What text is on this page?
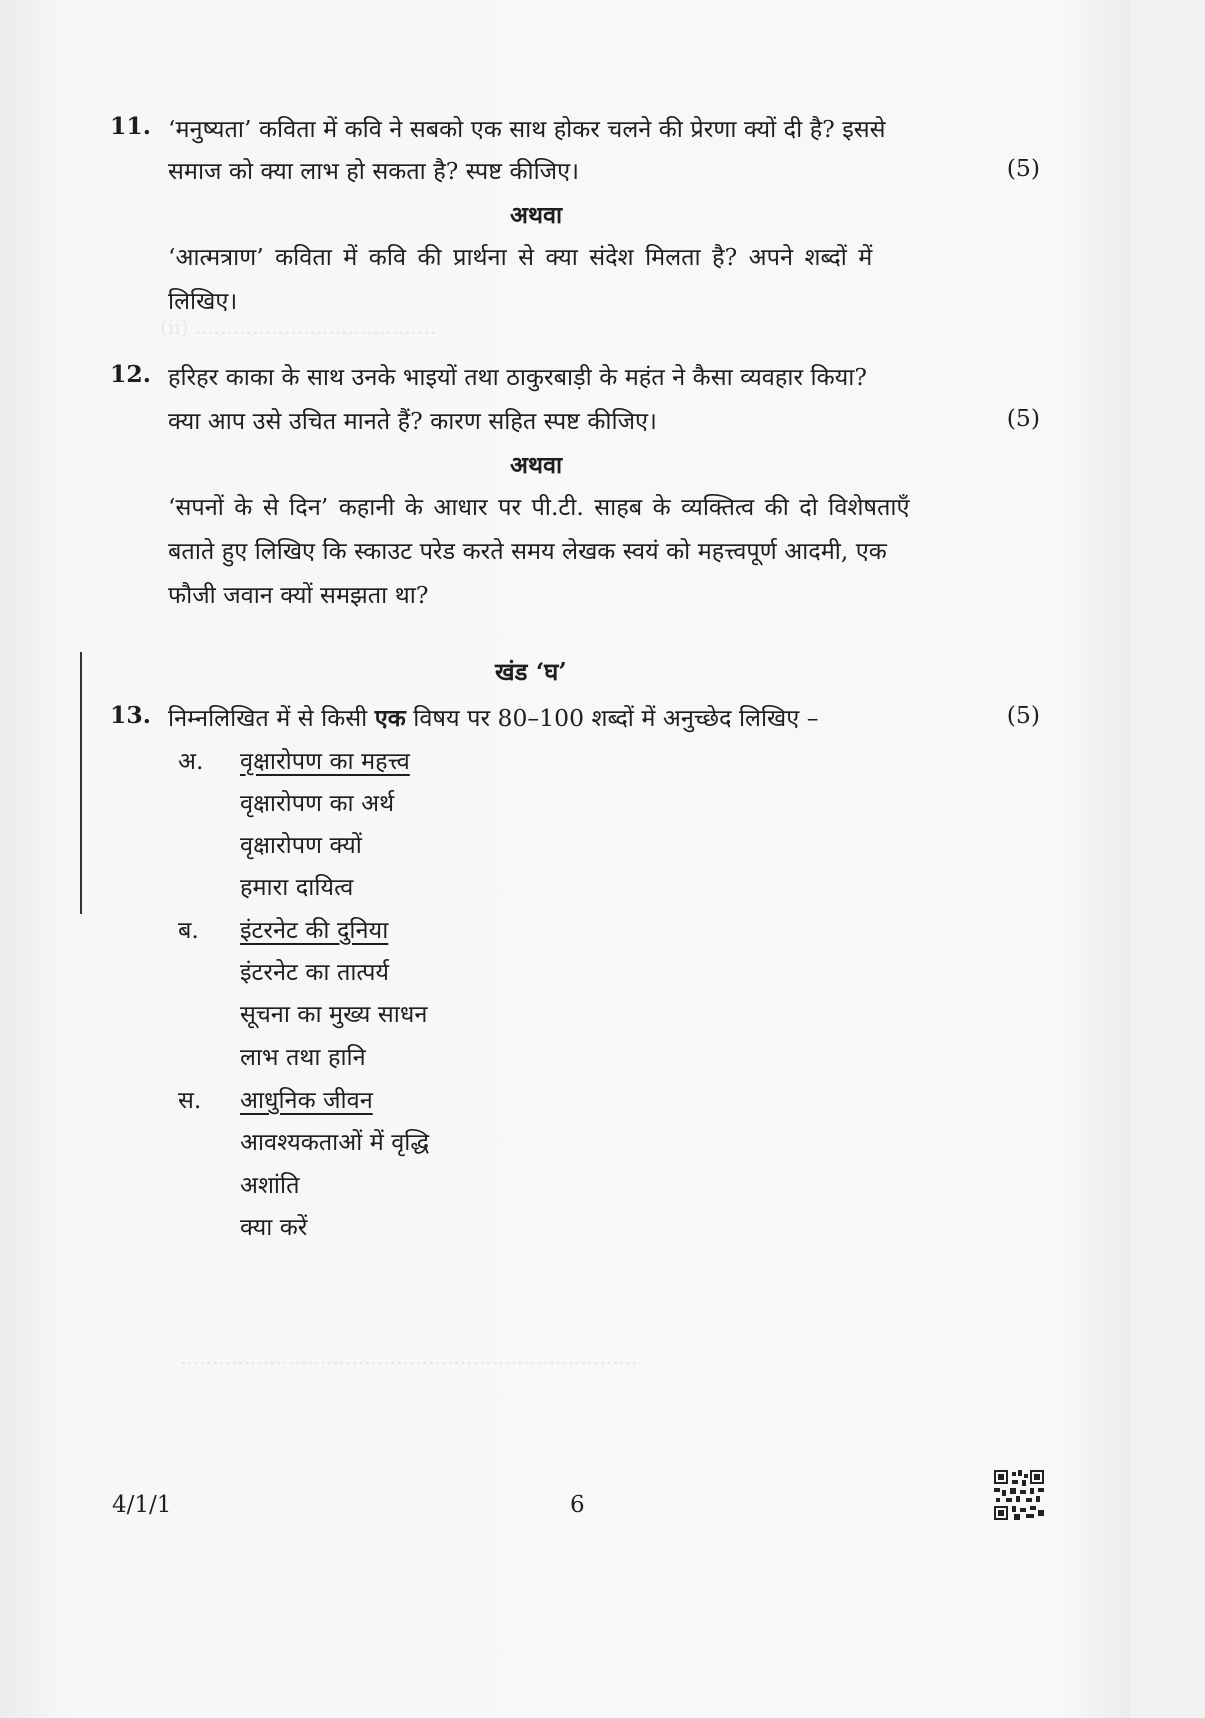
(ii) ......................................
........................................................................
11. ‘मनुष्यता’ कविता में कवि ने सबको एक साथ होकर चलने की प्रेरणा क्यों दी है? इससे
समाज को क्या लाभ हो सकता है? स्पष्ट कीजिए।	(5)
अथवा
‘आत्मत्राण’ कविता में कवि की प्रार्थना से क्या संदेश मिलता है? अपने शब्दों में
लिखिए।
12. हरिहर काका के साथ उनके भाइयों तथा ठाकुरबाड़ी के महंत ने कैसा व्यवहार किया?
क्या आप उसे उचित मानते हैं? कारण सहित स्पष्ट कीजिए।	(5)
अथवा
‘सपनों के से दिन’ कहानी के आधार पर पी.टी. साहब के व्यक्तित्व की दो विशेषताएँ
बताते हुए लिखिए कि स्काउट परेड करते समय लेखक स्वयं को महत्त्वपूर्ण आदमी, एक
फौजी जवान क्यों समझता था?
खंड ‘घ’
13. निम्नलिखित में से किसी एक विषय पर 80–100 शब्दों में अनुच्छेद लिखिए –	(5)
अ. वृक्षारोपण का महत्त्व
वृक्षारोपण का अर्थ
वृक्षारोपण क्यों
हमारा दायित्व
ब. इंटरनेट की दुनिया
इंटरनेट का तात्पर्य
सूचना का मुख्य साधन
लाभ तथा हानि
स. आधुनिक जीवन
आवश्यकताओं में वृद्धि
अशांति
क्या करें
4/1/1	6
